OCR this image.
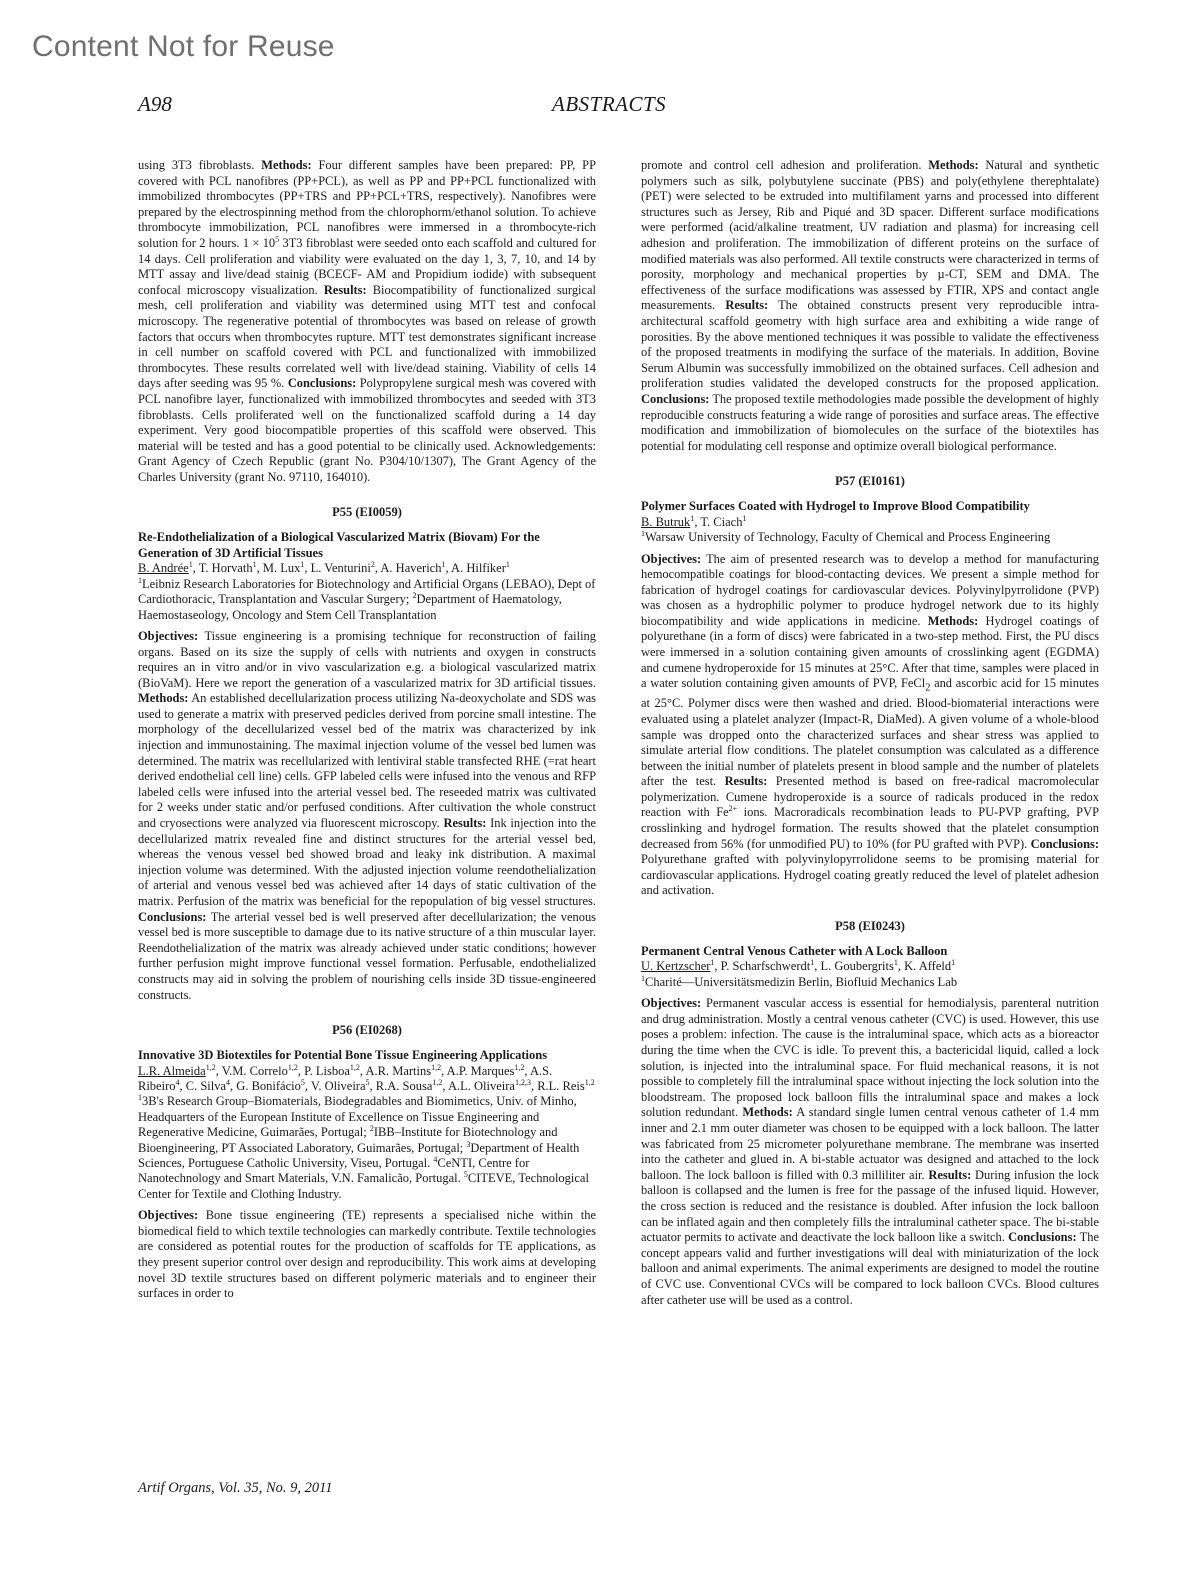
Content Not for Reuse
A98	ABSTRACTS

using 3T3 fibroblasts. Methods: Four different samples have been prepared: PP, PP covered with PCL nanofibres (PP+PCL), as well as PP and PP+PCL functionalized with immobilized thrombocytes (PP+TRS and PP+PCL+TRS, respectively). Nanofibres were prepared by the electrospinning method from the chlorophorm/ethanol solution. To achieve thrombocyte immobilization, PCL nanofibres were immersed in a thrombocyte-rich solution for 2 hours. $1 \times 10^5$ 3T3 fibroblast were seeded onto each scaffold and cultured for 14 days. Cell proliferation and viability were evaluated on the day 1, 3, 7, 10, and 14 by MTT assay and live/dead stainig (BCECF- AM and Propidium iodide) with subsequent confocal microscopy visualization. Results: Biocompatibility of functionalized surgical mesh, cell proliferation and viability was determined using MTT test and confocal microscopy. The regenerative potential of thrombocytes was based on release of growth factors that occurs when thrombocytes rupture. MTT test demonstrates significant increase in cell number on scaffold covered with PCL and functionalized with immobilized thrombocytes. These results correlated well with live/dead staining. Viability of cells 14 days after seeding was 95 %. Conclusions: Polypropylene surgical mesh was covered with PCL nanofibre layer, functionalized with immobilized thrombocytes and seeded with 3T3 fibroblasts. Cells proliferated well on the functionalized scaffold during a 14 day experiment. Very good biocompatible properties of this scaffold were observed. This material will be tested and has a good potential to be clinically used. Acknowledgements: Grant Agency of Czech Republic (grant No. P304/10/1307), The Grant Agency of the Charles University (grant No. 97110, 164010).

P55 (EI0059)

Re-Endothelialization of a Biological Vascularized Matrix (Biovam) For the Generation of 3D Artificial Tissues

B. Andrée$^1$, T. Horvath$^1$, M. Lux$^1$, L. Venturini$^2$, A. Haverich$^1$, A. Hilfiker$^1$

$^1$Leibniz Research Laboratories for Biotechnology and Artificial Organs (LEBAO), Dept of Cardiothoracic, Transplantation and Vascular Surgery; $^2$Department of Haematology, Haemostaseology, Oncology and Stem Cell Transplantation

Objectives: Tissue engineering is a promising technique for reconstruction of failing organs. Based on its size the supply of cells with nutrients and oxygen in constructs requires an in vitro and/or in vivo vascularization e.g. a biological vascularized matrix (BioVaM). Here we report the generation of a vascularized matrix for 3D artificial tissues. Methods: An established decellularization process utilizing Na-deoxycholate and SDS was used to generate a matrix with preserved pedicles derived from porcine small intestine. The morphology of the decellularized vessel bed of the matrix was characterized by ink injection and immunostaining. The maximal injection volume of the vessel bed lumen was determined. The matrix was recellularized with lentiviral stable transfected RHE (=rat heart derived endothelial cell line) cells. GFP labeled cells were infused into the venous and RFP labeled cells were infused into the arterial vessel bed. The reseeded matrix was cultivated for 2 weeks under static and/or perfused conditions. After cultivation the whole construct and cryosections were analyzed via fluorescent microscopy. Results: Ink injection into the decellularized matrix revealed fine and distinct structures for the arterial vessel bed, whereas the venous vessel bed showed broad and leaky ink distribution. A maximal injection volume was determined. With the adjusted injection volume reendothelialization of arterial and venous vessel bed was achieved after 14 days of static cultivation of the matrix. Perfusion of the matrix was beneficial for the repopulation of big vessel structures. Conclusions: The arterial vessel bed is well preserved after decellularization; the venous vessel bed is more susceptible to damage due to its native structure of a thin muscular layer. Reendothelialization of the matrix was already achieved under static conditions; however further perfusion might improve functional vessel formation. Perfusable, endothelialized constructs may aid in solving the problem of nourishing cells inside 3D tissue-engineered constructs.

P56 (EI0268)

Innovative 3D Biotextiles for Potential Bone Tissue Engineering Applications

L.R. Almeida$^{1,2}$, V.M. Correlo$^{1,2}$, P. Lisboa$^{1,2}$, A.R. Martins$^{1,2}$, A.P. Marques$^{1,2}$, A.S. Ribeiro$^4$, C. Silva$^4$, G. Bonifácio$^5$, V. Oliveira$^5$, R.A. Sousa$^{1,2}$, A.L. Oliveira$^{1,2,3}$, R.L. Reis$^{1,2}$

$^1$3B's Research Group–Biomaterials, Biodegradables and Biomimetics, Univ. of Minho, Headquarters of the European Institute of Excellence on Tissue Engineering and Regenerative Medicine, Guimarães, Portugal; $^2$IBB–Institute for Biotechnology and Bioengineering, PT Associated Laboratory, Guimarães, Portugal; $^3$Department of Health Sciences, Portuguese Catholic University, Viseu, Portugal. $^4$CeNTI, Centre for Nanotechnology and Smart Materials, V.N. Famalicão, Portugal. $^5$CITEVE, Technological Center for Textile and Clothing Industry.

Objectives: Bone tissue engineering (TE) represents a specialised niche within the biomedical field to which textile technologies can markedly contribute. Textile technologies are considered as potential routes for the production of scaffolds for TE applications, as they present superior control over design and reproducibility. This work aims at developing novel 3D textile structures based on different polymeric materials and to engineer their surfaces in order to

promote and control cell adhesion and proliferation. Methods: Natural and synthetic polymers such as silk, polybutylene succinate (PBS) and poly(ethylene therephtalate) (PET) were selected to be extruded into multifilament yarns and processed into different structures such as Jersey, Rib and Piqué and 3D spacer. Different surface modifications were performed (acid/alkaline treatment, UV radiation and plasma) for increasing cell adhesion and proliferation. The immobilization of different proteins on the surface of modified materials was also performed. All textile constructs were characterized in terms of porosity, morphology and mechanical properties by µ-CT, SEM and DMA. The effectiveness of the surface modifications was assessed by FTIR, XPS and contact angle measurements. Results: The obtained constructs present very reproducible intra-architectural scaffold geometry with high surface area and exhibiting a wide range of porosities. By the above mentioned techniques it was possible to validate the effectiveness of the proposed treatments in modifying the surface of the materials. In addition, Bovine Serum Albumin was successfully immobilized on the obtained surfaces. Cell adhesion and proliferation studies validated the developed constructs for the proposed application. Conclusions: The proposed textile methodologies made possible the development of highly reproducible constructs featuring a wide range of porosities and surface areas. The effective modification and immobilization of biomolecules on the surface of the biotextiles has potential for modulating cell response and optimize overall biological performance.

P57 (EI0161)

Polymer Surfaces Coated with Hydrogel to Improve Blood Compatibility

B. Butruk$^1$, T. Ciach$^1$

$^1$Warsaw University of Technology, Faculty of Chemical and Process Engineering

Objectives: The aim of presented research was to develop a method for manufacturing hemocompatible coatings for blood-contacting devices. We present a simple method for fabrication of hydrogel coatings for cardiovascular devices. Polyvinylpyrrolidone (PVP) was chosen as a hydrophilic polymer to produce hydrogel network due to its highly biocompatibility and wide applications in medicine. Methods: Hydrogel coatings of polyurethane (in a form of discs) were fabricated in a two-step method. First, the PU discs were immersed in a solution containing given amounts of crosslinking agent (EGDMA) and cumene hydroperoxide for 15 minutes at 25°C. After that time, samples were placed in a water solution containing given amounts of PVP, FeCl$_2$ and ascorbic acid for 15 minutes at 25°C. Polymer discs were then washed and dried. Blood-biomaterial interactions were evaluated using a platelet analyzer (Impact-R, DiaMed). A given volume of a whole-blood sample was dropped onto the characterized surfaces and shear stress was applied to simulate arterial flow conditions. The platelet consumption was calculated as a difference between the initial number of platelets present in blood sample and the number of platelets after the test. Results: Presented method is based on free-radical macromolecular polymerization. Cumene hydroperoxide is a source of radicals produced in the redox reaction with $Fe^{2+}$ ions. Macroradicals recombination leads to PU-PVP grafting, PVP crosslinking and hydrogel formation. The results showed that the platelet consumption decreased from 56% (for unmodified PU) to 10% (for PU grafted with PVP). Conclusions: Polyurethane grafted with polyvinylopyrrolidone seems to be promising material for cardiovascular applications. Hydrogel coating greatly reduced the level of platelet adhesion and activation.

P58 (EI0243)

Permanent Central Venous Catheter with A Lock Balloon

U. Kertzscher$^1$, P. Scharfschwerdt$^1$, L. Goubergrits$^1$, K. Affeld$^1$

$^1$Charité—Universitätsmedizin Berlin, Biofluid Mechanics Lab

Objectives: Permanent vascular access is essential for hemodialysis, parenteral nutrition and drug administration. Mostly a central venous catheter (CVC) is used. However, this use poses a problem: infection. The cause is the intraluminal space, which acts as a bioreactor during the time when the CVC is idle. To prevent this, a bactericidal liquid, called a lock solution, is injected into the intraluminal space. For fluid mechanical reasons, it is not possible to completely fill the intraluminal space without injecting the lock solution into the bloodstream. The proposed lock balloon fills the intraluminal space and makes a lock solution redundant. Methods: A standard single lumen central venous catheter of 1.4 mm inner and 2.1 mm outer diameter was chosen to be equipped with a lock balloon. The latter was fabricated from 25 micrometer polyurethane membrane. The membrane was inserted into the catheter and glued in. A bi-stable actuator was designed and attached to the lock balloon. The lock balloon is filled with 0.3 milliliter air. Results: During infusion the lock balloon is collapsed and the lumen is free for the passage of the infused liquid. However, the cross section is reduced and the resistance is doubled. After infusion the lock balloon can be inflated again and then completely fills the intraluminal catheter space. The bi-stable actuator permits to activate and deactivate the lock balloon like a switch. Conclusions: The concept appears valid and further investigations will deal with miniaturization of the lock balloon and animal experiments. The animal experiments are designed to model the routine of CVC use. Conventional CVCs will be compared to lock balloon CVCs. Blood cultures after catheter use will be used as a control.

Artif Organs, Vol. 35, No. 9, 2011
